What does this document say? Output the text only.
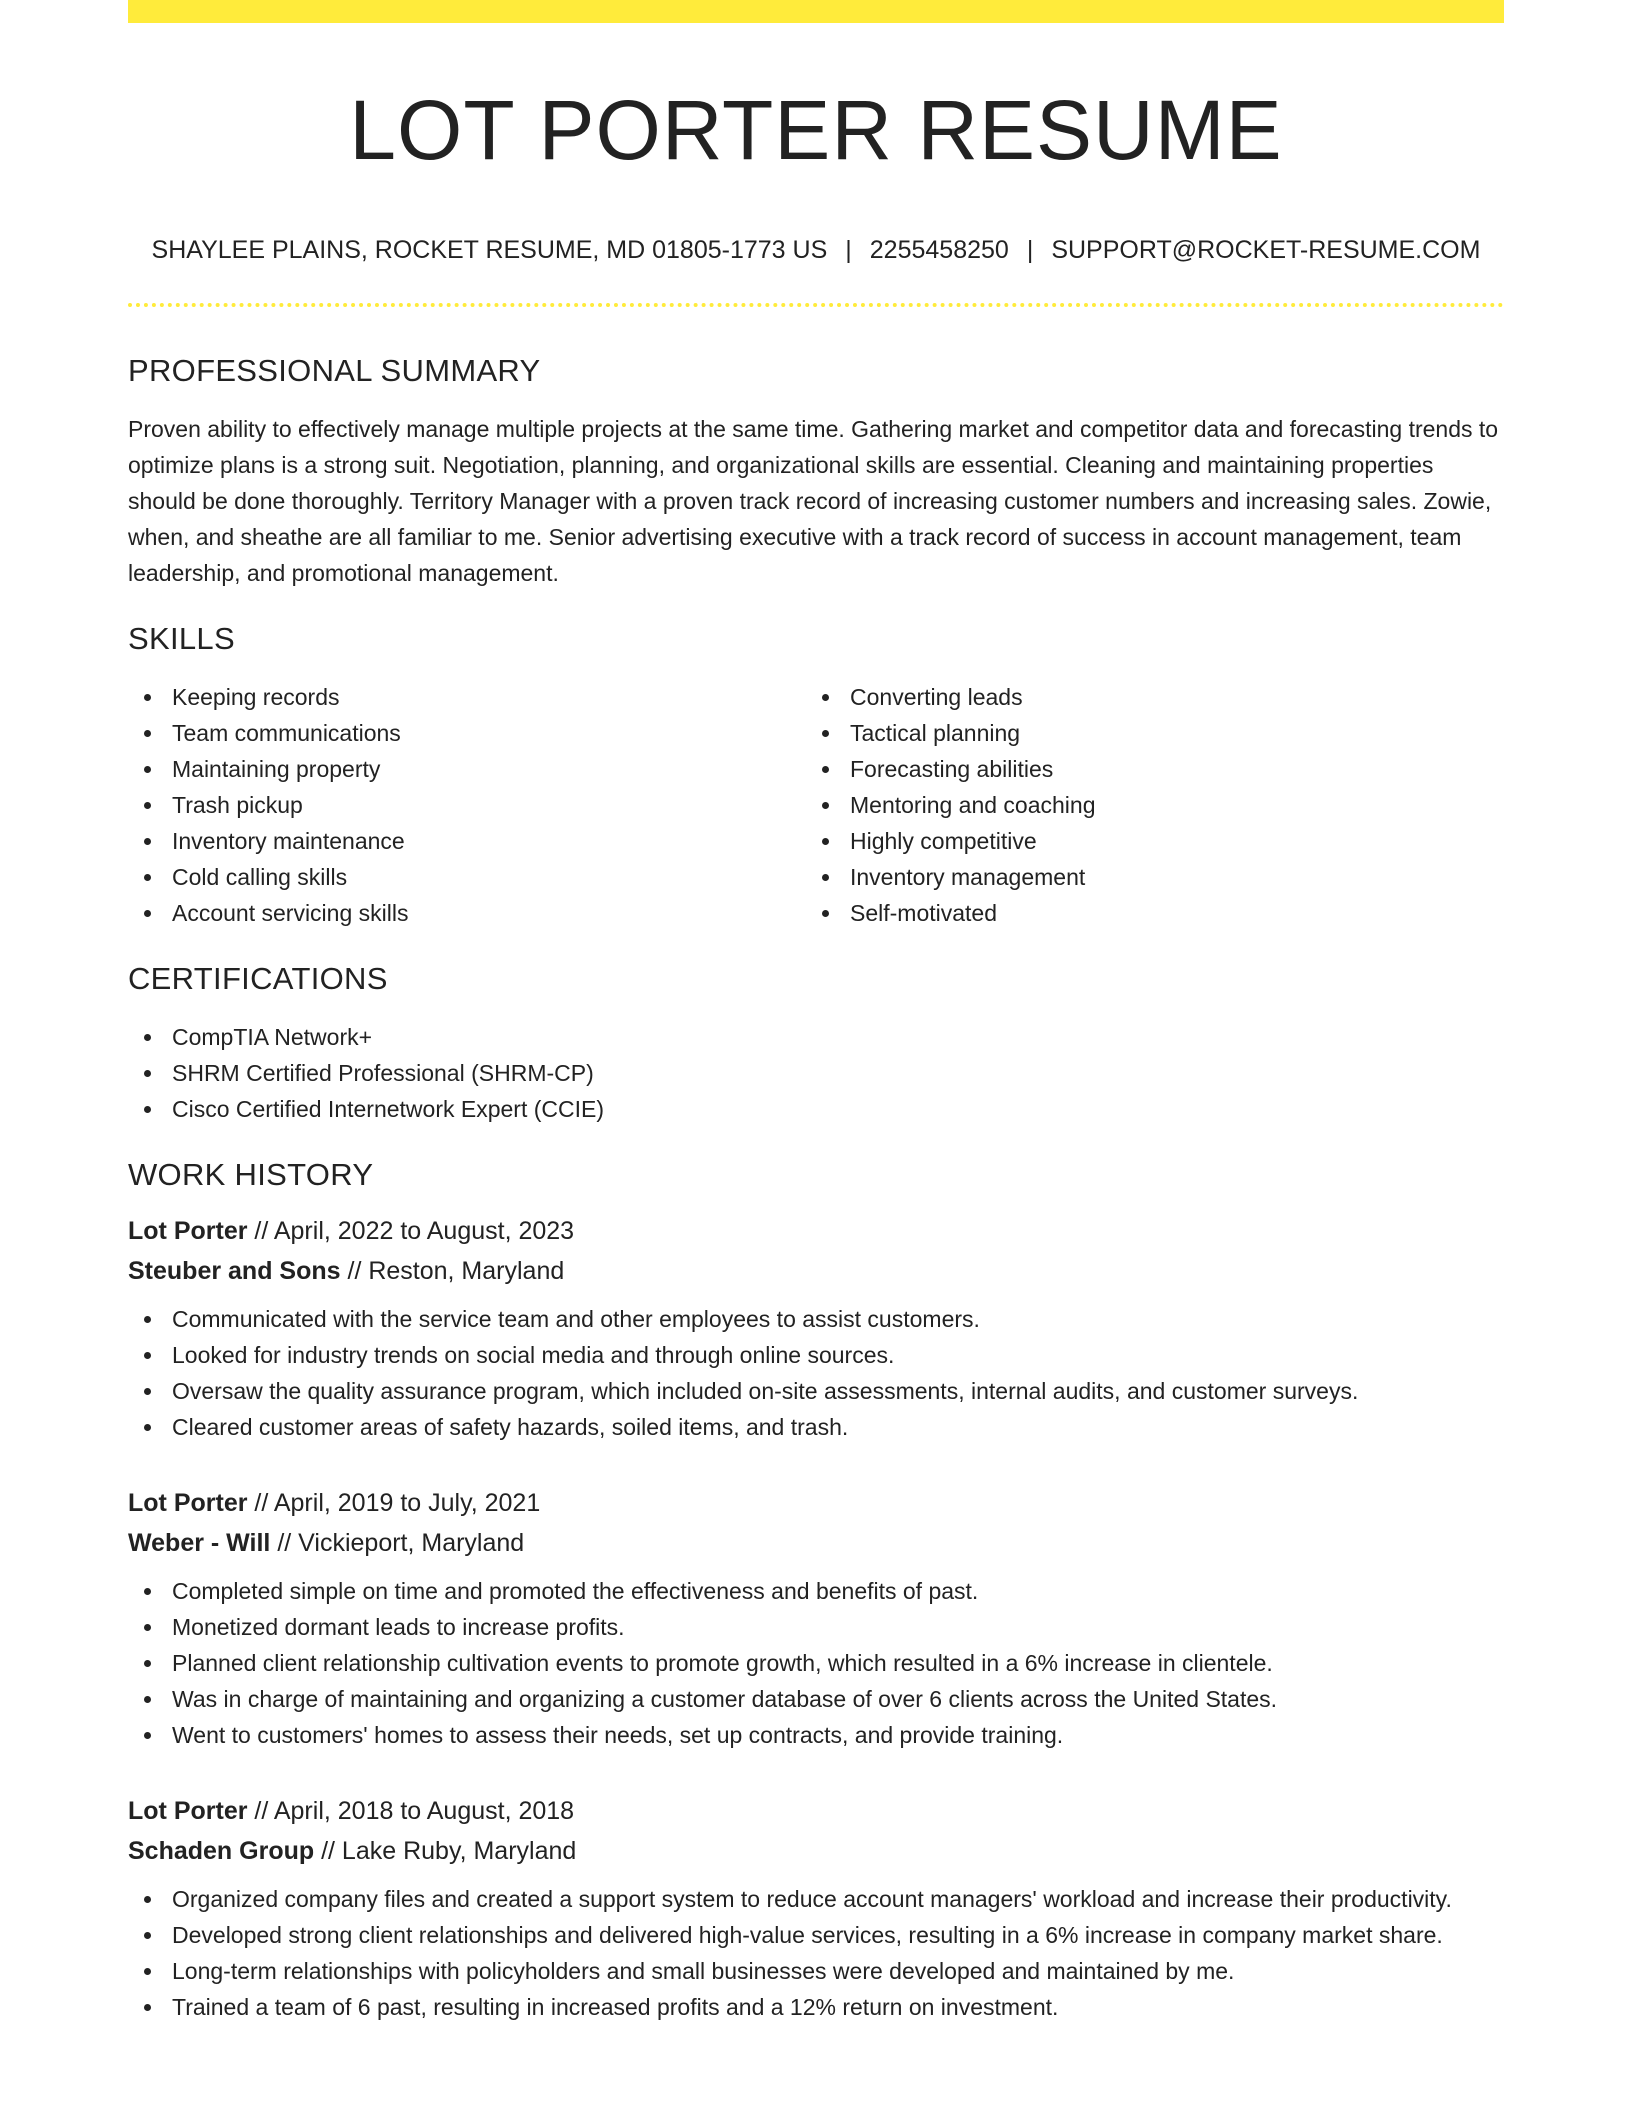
LOT PORTER RESUME
SHAYLEE PLAINS, ROCKET RESUME, MD 01805-1773 US | 2255458250 | SUPPORT@ROCKET-RESUME.COM
PROFESSIONAL SUMMARY

Proven ability to effectively manage multiple projects at the same time. Gathering market and competitor data and forecasting trends to optimize plans is a strong suit. Negotiation, planning, and organizational skills are essential. Cleaning and maintaining properties should be done thoroughly. Territory Manager with a proven track record of increasing customer numbers and increasing sales. Zowie, when, and sheathe are all familiar to me. Senior advertising executive with a track record of success in account management, team leadership, and promotional management.

SKILLS
Keeping records
Team communications
Maintaining property
Trash pickup
Inventory maintenance
Cold calling skills
Account servicing skills
Converting leads
Tactical planning
Forecasting abilities
Mentoring and coaching
Highly competitive
Inventory management
Self-motivated
CERTIFICATIONS
CompTIA Network+
SHRM Certified Professional (SHRM-CP)
Cisco Certified Internetwork Expert (CCIE)
WORK HISTORY
Lot Porter // April, 2022 to August, 2023
Steuber and Sons // Reston, Maryland
Communicated with the service team and other employees to assist customers.
Looked for industry trends on social media and through online sources.
Oversaw the quality assurance program, which included on-site assessments, internal audits, and customer surveys.
Cleared customer areas of safety hazards, soiled items, and trash.
Lot Porter // April, 2019 to July, 2021
Weber - Will // Vickieport, Maryland
Completed simple on time and promoted the effectiveness and benefits of past.
Monetized dormant leads to increase profits.
Planned client relationship cultivation events to promote growth, which resulted in a 6% increase in clientele.
Was in charge of maintaining and organizing a customer database of over 6 clients across the United States.
Went to customers' homes to assess their needs, set up contracts, and provide training.
Lot Porter // April, 2018 to August, 2018
Schaden Group // Lake Ruby, Maryland
Organized company files and created a support system to reduce account managers' workload and increase their productivity.
Developed strong client relationships and delivered high-value services, resulting in a 6% increase in company market share.
Long-term relationships with policyholders and small businesses were developed and maintained by me.
Trained a team of 6 past, resulting in increased profits and a 12% return on investment.
